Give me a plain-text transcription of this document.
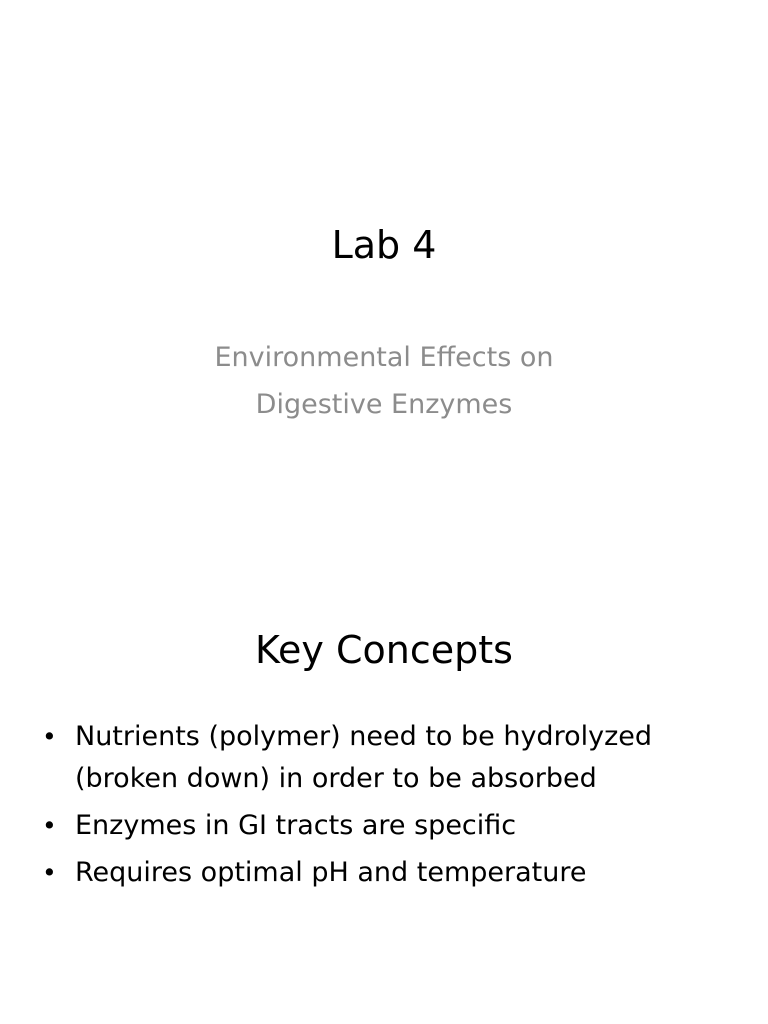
Lab 4
Environmental Effects on
Digestive Enzymes
Key Concepts
• Nutrients (polymer) need to be hydrolyzed (broken down) in order to be absorbed
• Enzymes in GI tracts are specific
• Requires optimal pH and temperature
